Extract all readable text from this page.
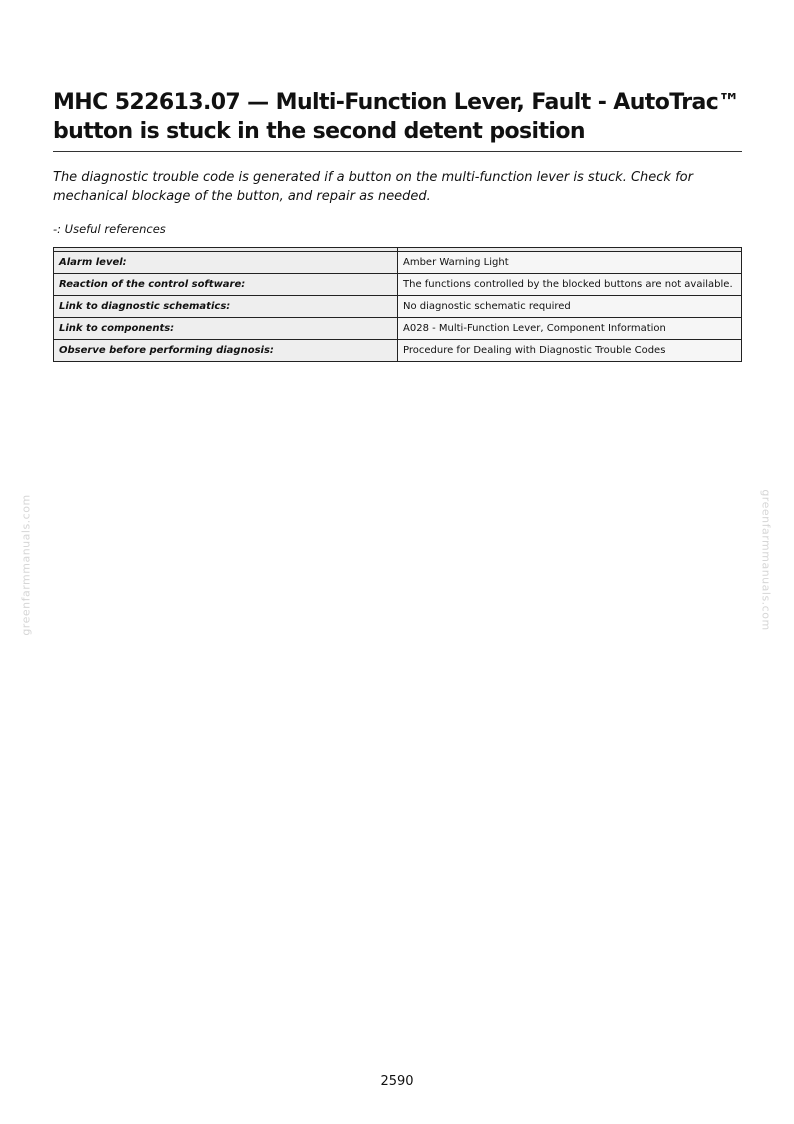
MHC 522613.07 — Multi-Function Lever, Fault - AutoTrac™ button is stuck in the second detent position

The diagnostic trouble code is generated if a button on the multi-function lever is stuck. Check for mechanical blockage of the button, and repair as needed.

-: Useful references

Alarm level:	Amber Warning Light
Reaction of the control software:	The functions controlled by the blocked buttons are not available.
Link to diagnostic schematics:	No diagnostic schematic required
Link to components:	A028 - Multi-Function Lever, Component Information
Observe before performing diagnosis:	Procedure for Dealing with Diagnostic Trouble Codes
greenfarmmanuals.com	greenfarmmanuals.com
2590
